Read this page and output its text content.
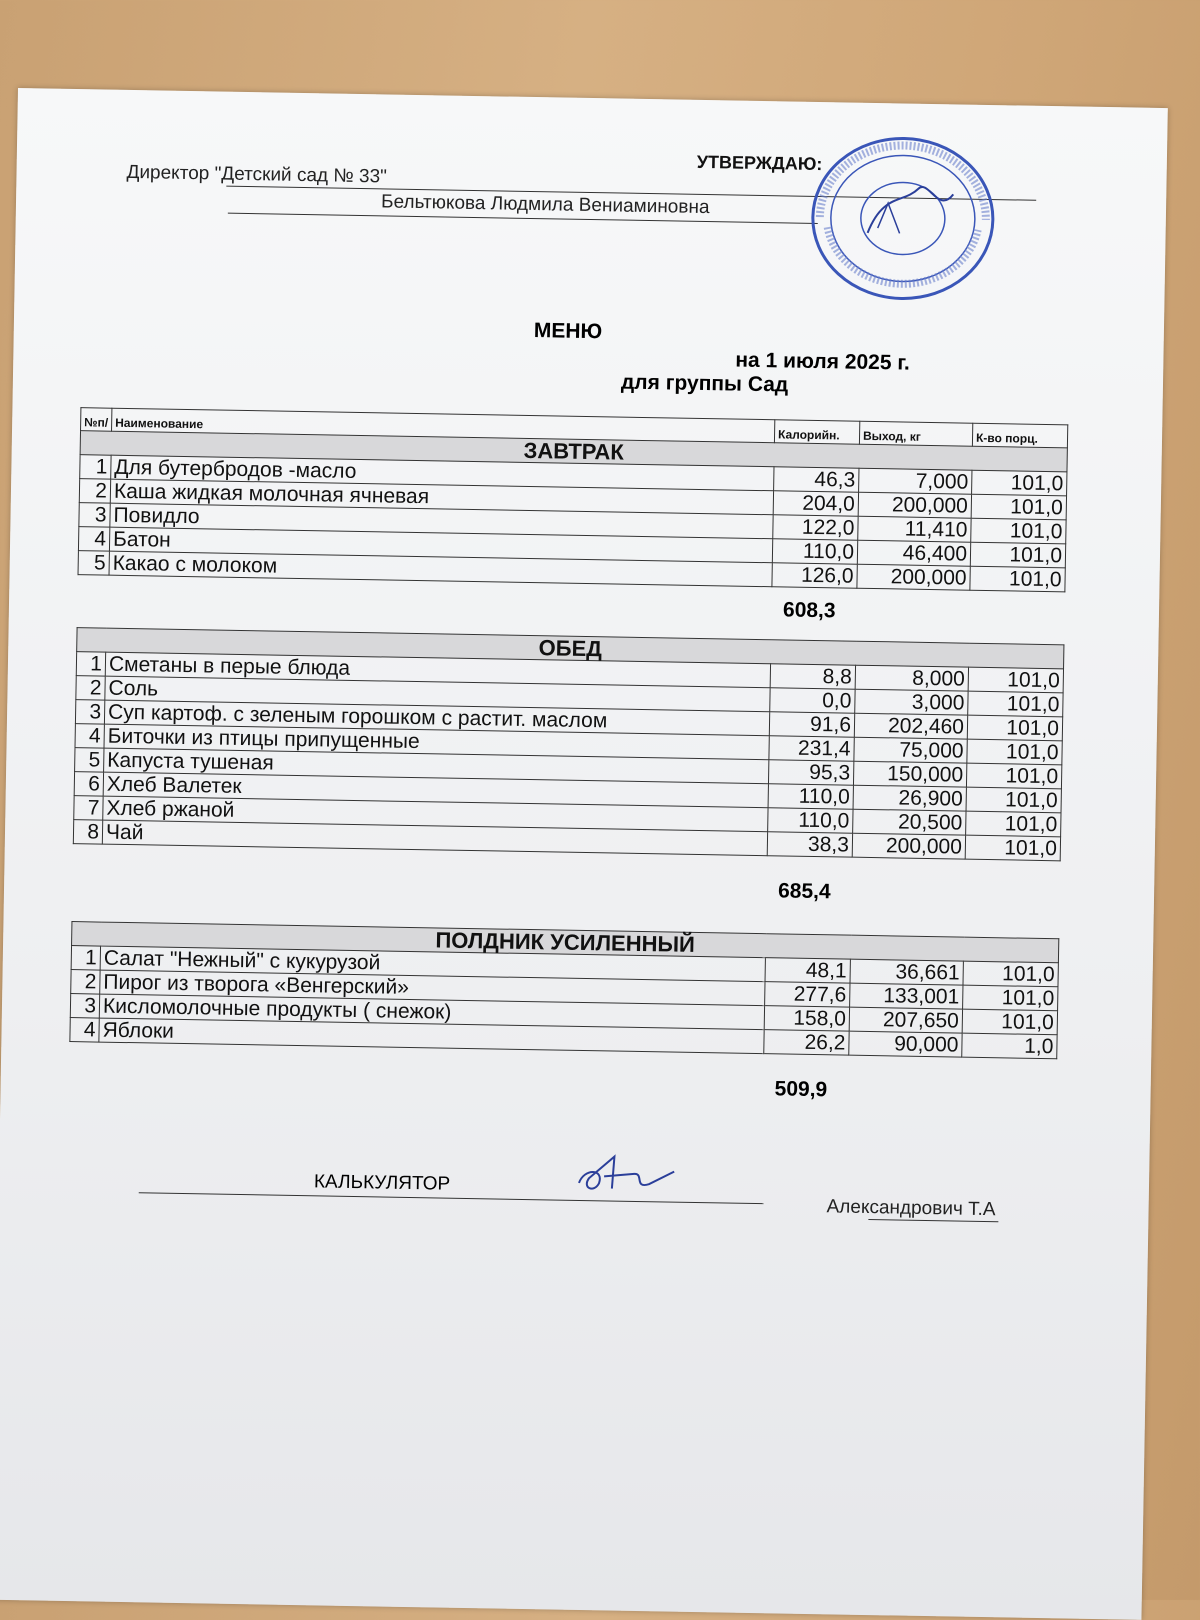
УТВЕРЖДАЮ:
Директор "Детский сад № 33"
Бельтюкова Людмила Вениаминовна
МЕНЮ
на 1 июля 2025 г.
для группы Сад
№п/	Наименование	Калорийн.	Выход, кг	К-во порц.
ЗАВТРАК				
1	Для бутербродов -масло	46,3	7,000	101,0
2	Каша жидкая молочная ячневая	204,0	200,000	101,0
3	Повидло	122,0	11,410	101,0
4	Батон	110,0	46,400	101,0
5	Какао с молоком	126,0	200,000	101,0
608,3
ОБЕД				
1	Сметаны в перые блюда	8,8	8,000	101,0
2	Соль	0,0	3,000	101,0
3	Суп картоф. с зеленым горошком с растит. маслом	91,6	202,460	101,0
4	Биточки из птицы припущенные	231,4	75,000	101,0
5	Капуста тушеная	95,3	150,000	101,0
6	Хлеб Валетек	110,0	26,900	101,0
7	Хлеб ржаной	110,0	20,500	101,0
8	Чай	38,3	200,000	101,0
685,4
ПОЛДНИК УСИЛЕННЫЙ				
1	Салат "Нежный" с кукурузой	48,1	36,661	101,0
2	Пирог из творога «Венгерский»	277,6	133,001	101,0
3	Кисломолочные продукты ( снежок)	158,0	207,650	101,0
4	Яблоки	26,2	90,000	1,0
509,9
КАЛЬКУЛЯТОР
Александрович Т.А
